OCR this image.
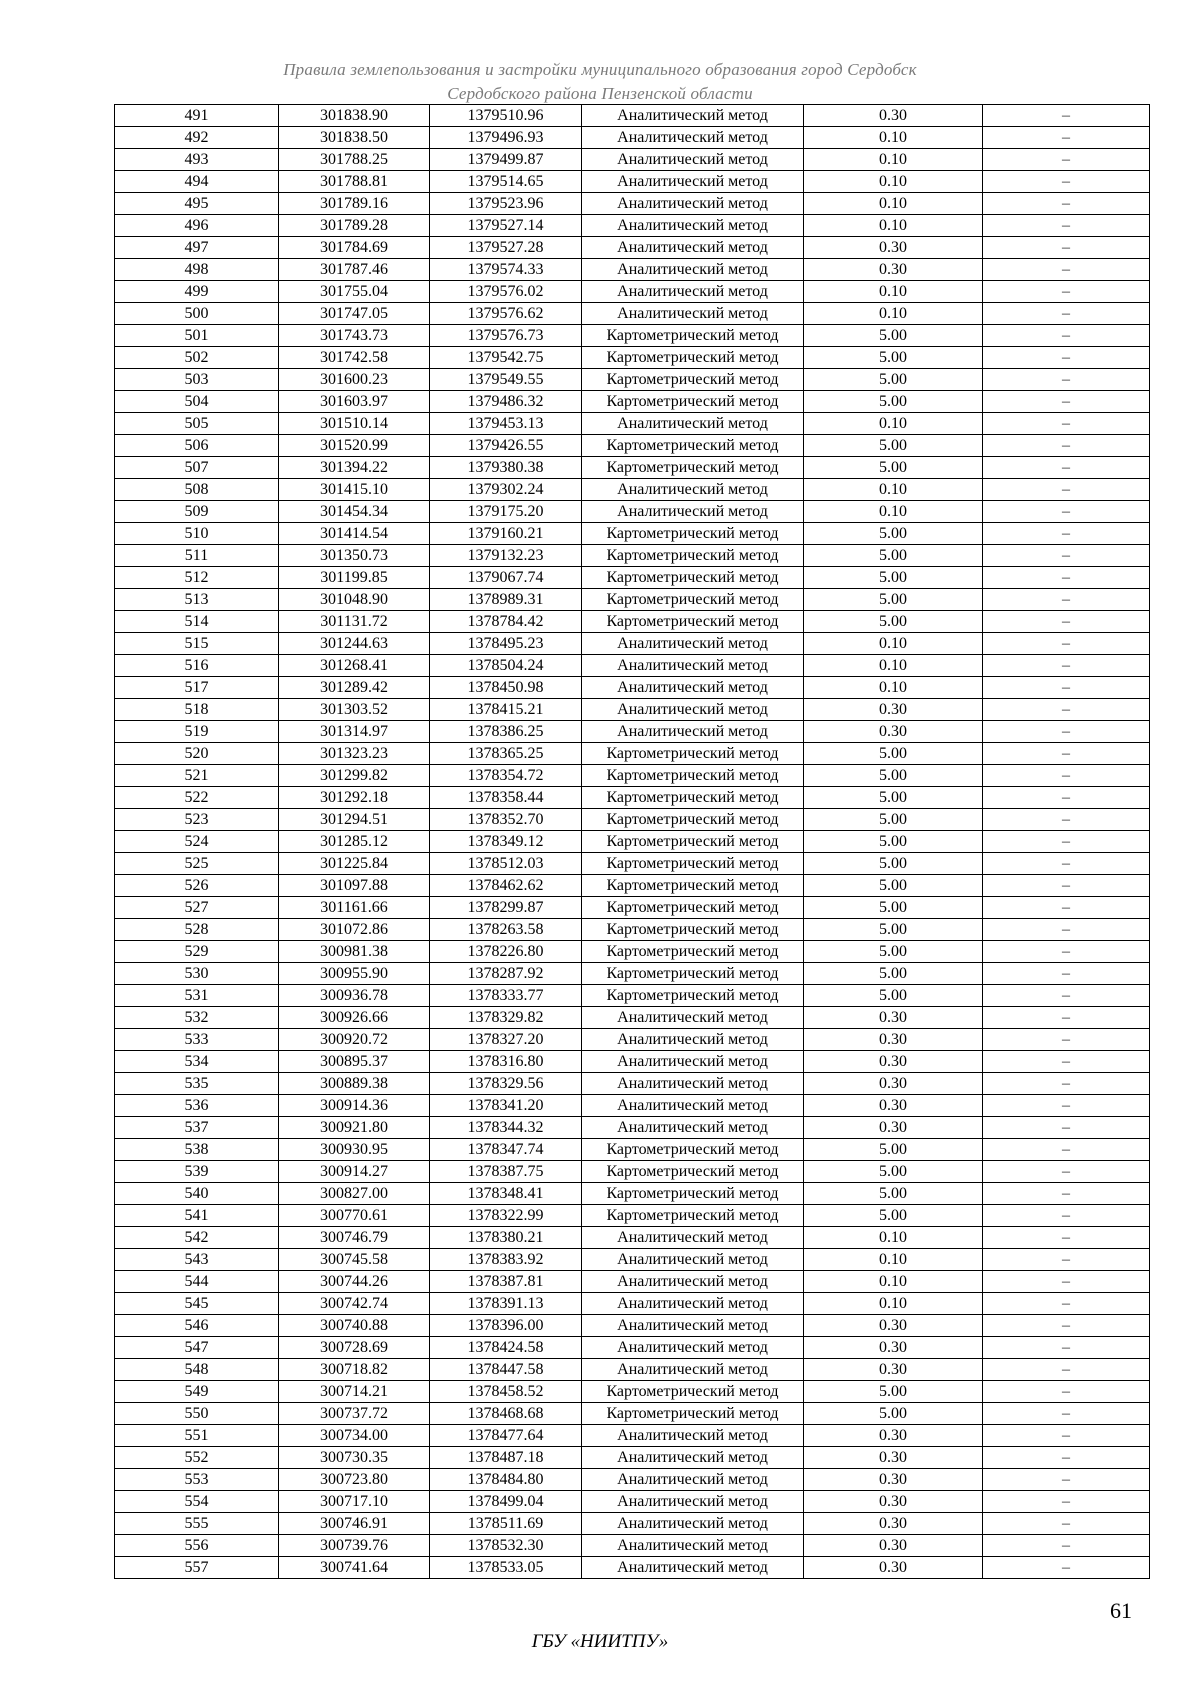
Правила землепользования и застройки муниципального образования город Сердобск
Сердобского района Пензенской области
491	301838.90	1379510.96	Аналитический метод	0.30	–
492	301838.50	1379496.93	Аналитический метод	0.10	–
493	301788.25	1379499.87	Аналитический метод	0.10	–
494	301788.81	1379514.65	Аналитический метод	0.10	–
495	301789.16	1379523.96	Аналитический метод	0.10	–
496	301789.28	1379527.14	Аналитический метод	0.10	–
497	301784.69	1379527.28	Аналитический метод	0.30	–
498	301787.46	1379574.33	Аналитический метод	0.30	–
499	301755.04	1379576.02	Аналитический метод	0.10	–
500	301747.05	1379576.62	Аналитический метод	0.10	–
501	301743.73	1379576.73	Картометрический метод	5.00	–
502	301742.58	1379542.75	Картометрический метод	5.00	–
503	301600.23	1379549.55	Картометрический метод	5.00	–
504	301603.97	1379486.32	Картометрический метод	5.00	–
505	301510.14	1379453.13	Аналитический метод	0.10	–
506	301520.99	1379426.55	Картометрический метод	5.00	–
507	301394.22	1379380.38	Картометрический метод	5.00	–
508	301415.10	1379302.24	Аналитический метод	0.10	–
509	301454.34	1379175.20	Аналитический метод	0.10	–
510	301414.54	1379160.21	Картометрический метод	5.00	–
511	301350.73	1379132.23	Картометрический метод	5.00	–
512	301199.85	1379067.74	Картометрический метод	5.00	–
513	301048.90	1378989.31	Картометрический метод	5.00	–
514	301131.72	1378784.42	Картометрический метод	5.00	–
515	301244.63	1378495.23	Аналитический метод	0.10	–
516	301268.41	1378504.24	Аналитический метод	0.10	–
517	301289.42	1378450.98	Аналитический метод	0.10	–
518	301303.52	1378415.21	Аналитический метод	0.30	–
519	301314.97	1378386.25	Аналитический метод	0.30	–
520	301323.23	1378365.25	Картометрический метод	5.00	–
521	301299.82	1378354.72	Картометрический метод	5.00	–
522	301292.18	1378358.44	Картометрический метод	5.00	–
523	301294.51	1378352.70	Картометрический метод	5.00	–
524	301285.12	1378349.12	Картометрический метод	5.00	–
525	301225.84	1378512.03	Картометрический метод	5.00	–
526	301097.88	1378462.62	Картометрический метод	5.00	–
527	301161.66	1378299.87	Картометрический метод	5.00	–
528	301072.86	1378263.58	Картометрический метод	5.00	–
529	300981.38	1378226.80	Картометрический метод	5.00	–
530	300955.90	1378287.92	Картометрический метод	5.00	–
531	300936.78	1378333.77	Картометрический метод	5.00	–
532	300926.66	1378329.82	Аналитический метод	0.30	–
533	300920.72	1378327.20	Аналитический метод	0.30	–
534	300895.37	1378316.80	Аналитический метод	0.30	–
535	300889.38	1378329.56	Аналитический метод	0.30	–
536	300914.36	1378341.20	Аналитический метод	0.30	–
537	300921.80	1378344.32	Аналитический метод	0.30	–
538	300930.95	1378347.74	Картометрический метод	5.00	–
539	300914.27	1378387.75	Картометрический метод	5.00	–
540	300827.00	1378348.41	Картометрический метод	5.00	–
541	300770.61	1378322.99	Картометрический метод	5.00	–
542	300746.79	1378380.21	Аналитический метод	0.10	–
543	300745.58	1378383.92	Аналитический метод	0.10	–
544	300744.26	1378387.81	Аналитический метод	0.10	–
545	300742.74	1378391.13	Аналитический метод	0.10	–
546	300740.88	1378396.00	Аналитический метод	0.30	–
547	300728.69	1378424.58	Аналитический метод	0.30	–
548	300718.82	1378447.58	Аналитический метод	0.30	–
549	300714.21	1378458.52	Картометрический метод	5.00	–
550	300737.72	1378468.68	Картометрический метод	5.00	–
551	300734.00	1378477.64	Аналитический метод	0.30	–
552	300730.35	1378487.18	Аналитический метод	0.30	–
553	300723.80	1378484.80	Аналитический метод	0.30	–
554	300717.10	1378499.04	Аналитический метод	0.30	–
555	300746.91	1378511.69	Аналитический метод	0.30	–
556	300739.76	1378532.30	Аналитический метод	0.30	–
557	300741.64	1378533.05	Аналитический метод	0.30	–
61
ГБУ «НИИТПУ»
